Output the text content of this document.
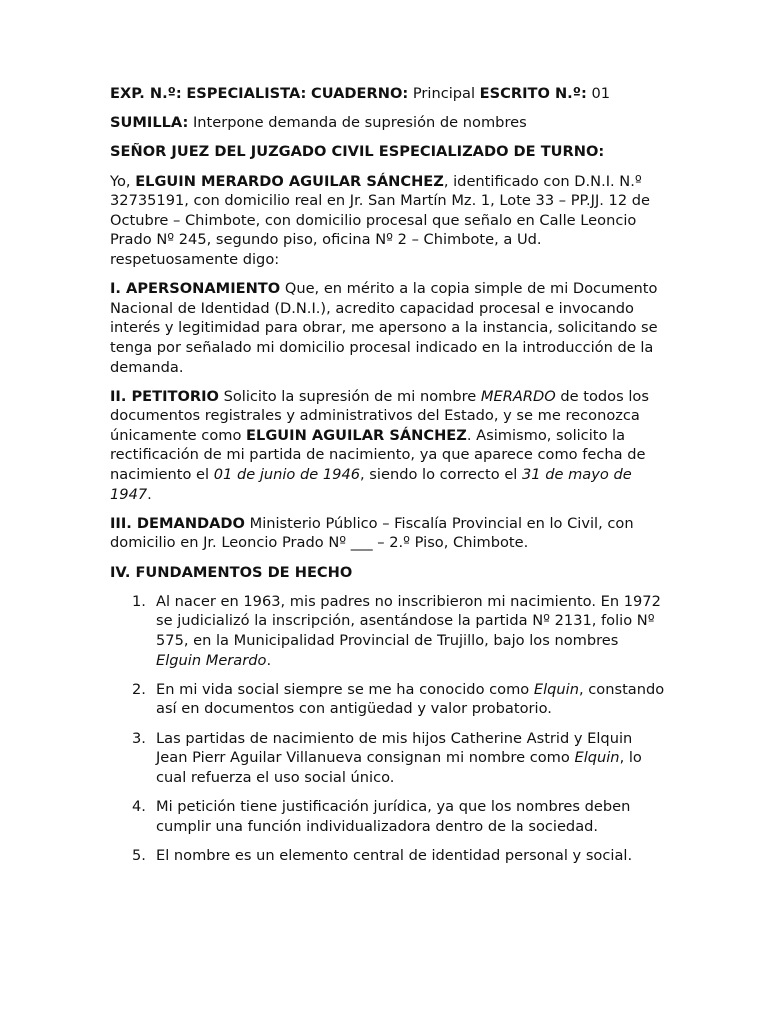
EXP. N.º: ESPECIALISTA: CUADERNO: Principal ESCRITO N.º: 01

SUMILLA: Interpone demanda de supresión de nombres

SEÑOR JUEZ DEL JUZGADO CIVIL ESPECIALIZADO DE TURNO:

Yo, ELGUIN MERARDO AGUILAR SÁNCHEZ, identificado con D.N.I. N.º 32735191, con domicilio real en Jr. San Martín Mz. 1, Lote 33 – PP.JJ. 12 de Octubre – Chimbote, con domicilio procesal que señalo en Calle Leoncio Prado Nº 245, segundo piso, oficina Nº 2 – Chimbote, a Ud. respetuosamente digo:

I. APERSONAMIENTO Que, en mérito a la copia simple de mi Documento Nacional de Identidad (D.N.I.), acredito capacidad procesal e invocando interés y legitimidad para obrar, me apersono a la instancia, solicitando se tenga por señalado mi domicilio procesal indicado en la introducción de la demanda.

II. PETITORIO Solicito la supresión de mi nombre MERARDO de todos los documentos registrales y administrativos del Estado, y se me reconozca únicamente como ELGUIN AGUILAR SÁNCHEZ. Asimismo, solicito la rectificación de mi partida de nacimiento, ya que aparece como fecha de nacimiento el 01 de junio de 1946, siendo lo correcto el 31 de mayo de 1947.

III. DEMANDADO Ministerio Público – Fiscalía Provincial en lo Civil, con domicilio en Jr. Leoncio Prado Nº ___ – 2.º Piso, Chimbote.

IV. FUNDAMENTOS DE HECHO

1. Al nacer en 1963, mis padres no inscribieron mi nacimiento. En 1972 se judicializó la inscripción, asentándose la partida Nº 2131, folio Nº 575, en la Municipalidad Provincial de Trujillo, bajo los nombres Elguin Merardo.
2. En mi vida social siempre se me ha conocido como Elquin, constando así en documentos con antigüedad y valor probatorio.
3. Las partidas de nacimiento de mis hijos Catherine Astrid y Elquin Jean Pierr Aguilar Villanueva consignan mi nombre como Elquin, lo cual refuerza el uso social único.
4. Mi petición tiene justificación jurídica, ya que los nombres deben cumplir una función individualizadora dentro de la sociedad.
5. El nombre es un elemento central de identidad personal y social.
